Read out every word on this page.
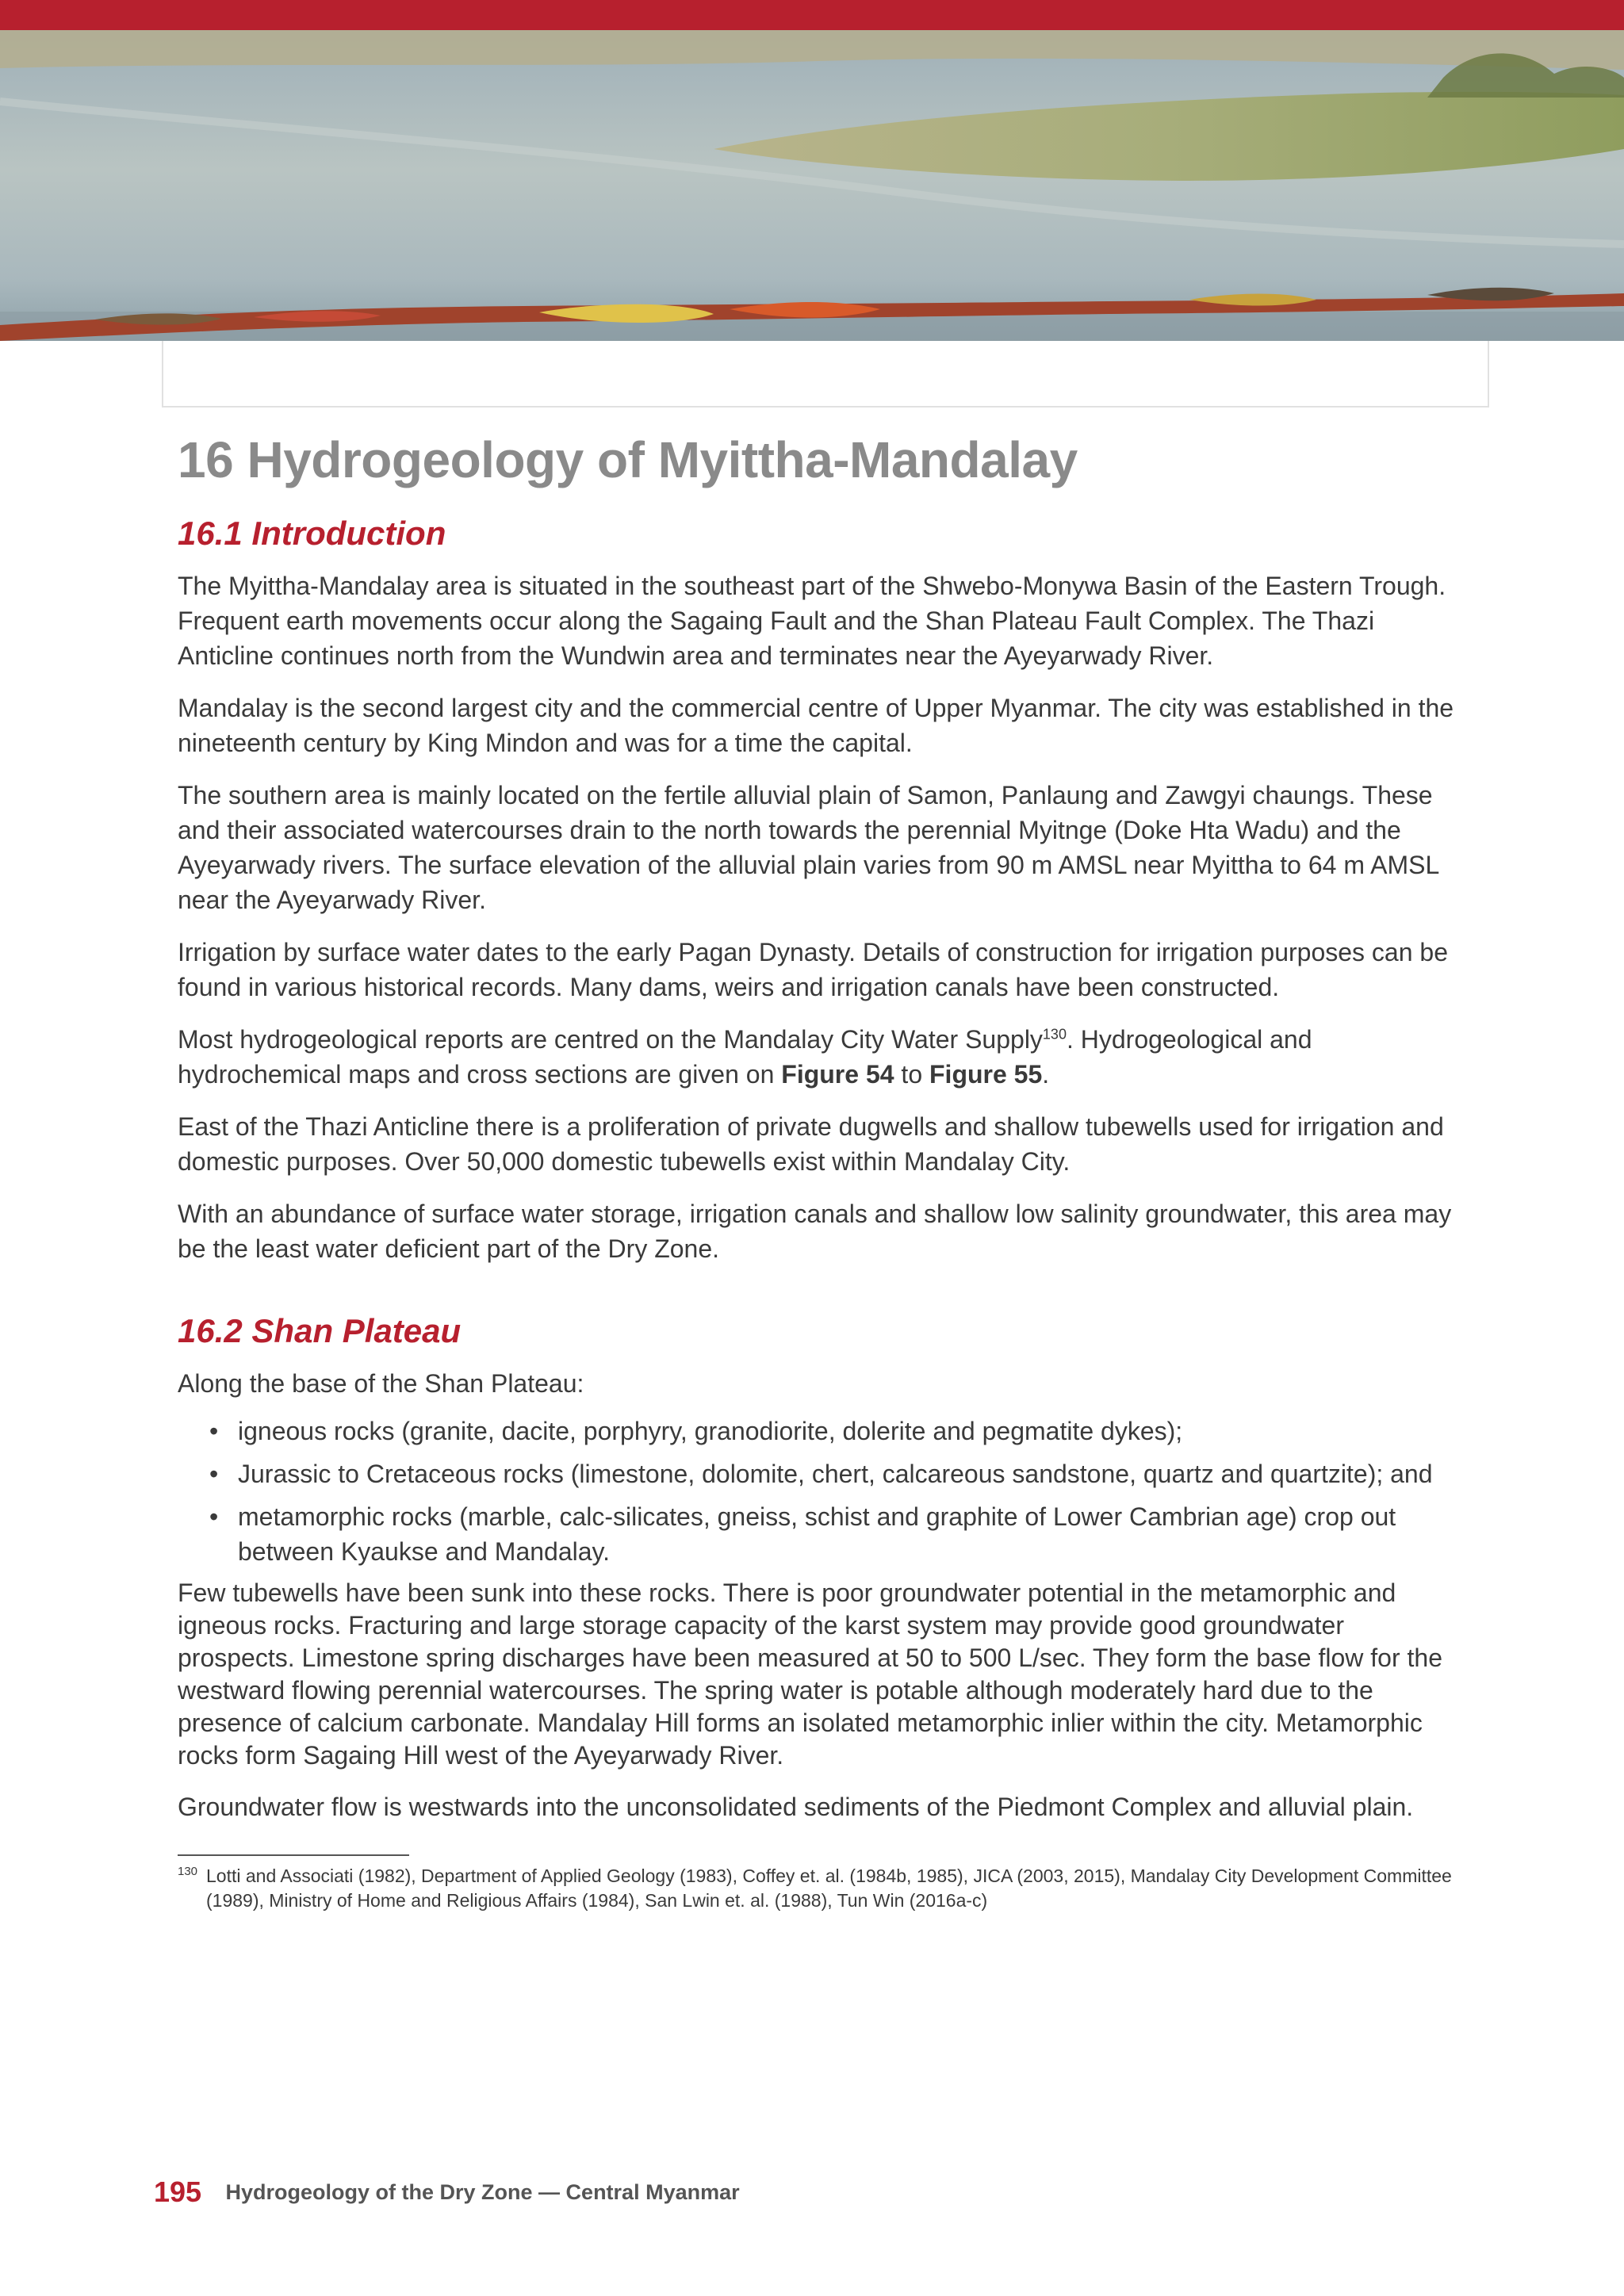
16 Hydrogeology of Myittha-Mandalay
16.1 Introduction

The Myittha-Mandalay area is situated in the southeast part of the Shwebo-Monywa Basin of the Eastern Trough. Frequent earth movements occur along the Sagaing Fault and the Shan Plateau Fault Complex. The Thazi Anticline continues north from the Wundwin area and terminates near the Ayeyarwady River.

Mandalay is the second largest city and the commercial centre of Upper Myanmar. The city was established in the nineteenth century by King Mindon and was for a time the capital.

The southern area is mainly located on the fertile alluvial plain of Samon, Panlaung and Zawgyi chaungs. These and their associated watercourses drain to the north towards the perennial Myitnge (Doke Hta Wadu) and the Ayeyarwady rivers. The surface elevation of the alluvial plain varies from 90 m AMSL near Myittha to 64 m AMSL near the Ayeyarwady River.

Irrigation by surface water dates to the early Pagan Dynasty. Details of construction for irrigation purposes can be found in various historical records. Many dams, weirs and irrigation canals have been constructed.

Most hydrogeological reports are centred on the Mandalay City Water Supply$^{130}$. Hydrogeological and hydrochemical maps and cross sections are given on Figure 54 to Figure 55.

East of the Thazi Anticline there is a proliferation of private dugwells and shallow tubewells used for irrigation and domestic purposes. Over 50,000 domestic tubewells exist within Mandalay City.

With an abundance of surface water storage, irrigation canals and shallow low salinity groundwater, this area may be the least water deficient part of the Dry Zone.

16.2 Shan Plateau

Along the base of the Shan Plateau:

• igneous rocks (granite, dacite, porphyry, granodiorite, dolerite and pegmatite dykes);
• Jurassic to Cretaceous rocks (limestone, dolomite, chert, calcareous sandstone, quartz and quartzite); and
• metamorphic rocks (marble, calc-silicates, gneiss, schist and graphite of Lower Cambrian age) crop out between Kyaukse and Mandalay.

Few tubewells have been sunk into these rocks. There is poor groundwater potential in the metamorphic and igneous rocks. Fracturing and large storage capacity of the karst system may provide good groundwater prospects. Limestone spring discharges have been measured at 50 to 500 L/sec. They form the base flow for the westward flowing perennial watercourses. The spring water is potable although moderately hard due to the presence of calcium carbonate. Mandalay Hill forms an isolated metamorphic inlier within the city. Metamorphic rocks form Sagaing Hill west of the Ayeyarwady River.

Groundwater flow is westwards into the unconsolidated sediments of the Piedmont Complex and alluvial plain.

130 Lotti and Associati (1982), Department of Applied Geology (1983), Coffey et. al. (1984b, 1985), JICA (2003, 2015), Mandalay City Development Committee (1989), Ministry of Home and Religious Affairs (1984), San Lwin et. al. (1988), Tun Win (2016a-c)
195 Hydrogeology of the Dry Zone — Central Myanmar
